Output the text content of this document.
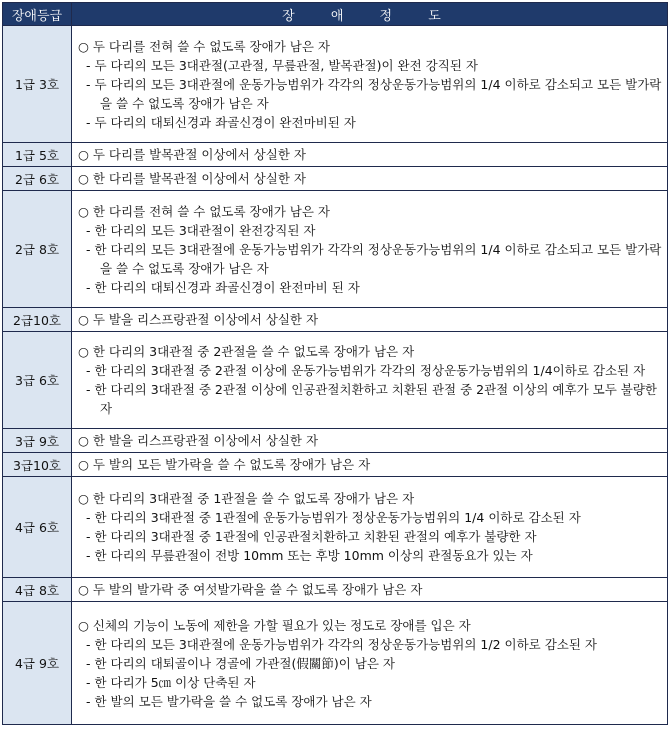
장애등급	장 애 정 도
1급 3호	○ 두 다리를 전혀 쓸 수 없도록 장애가 남은 자
- 두 다리의 모든 3대관절(고관절, 무릎관절, 발목관절)이 완전 강직된 자
- 두 다리의 모든 3대관절에 운동가능범위가 각각의 정상운동가능범위의 1/4 이하로 감소되고 모든 발가락을 쓸 수 없도록 장애가 남은 자
- 두 다리의 대퇴신경과 좌골신경이 완전마비된 자

1급 5호	○ 두 다리를 발목관절 이상에서 상실한 자

2급 6호	○ 한 다리를 발목관절 이상에서 상실한 자

2급 8호	○ 한 다리를 전혀 쓸 수 없도록 장애가 남은 자
- 한 다리의 모든 3대관절이 완전강직된 자
- 한 다리의 모든 3대관절에 운동가능범위가 각각의 정상운동가능범위의 1/4 이하로 감소되고 모든 발가락을 쓸 수 없도록 장애가 남은 자
- 한 다리의 대퇴신경과 좌골신경이 완전마비 된 자

2급10호	○ 두 발을 리스프랑관절 이상에서 상실한 자

3급 6호	○ 한 다리의 3대관절 중 2관절을 쓸 수 없도록 장애가 남은 자
- 한 다리의 3대관절 중 2관절 이상에 운동가능범위가 각각의 정상운동가능범위의 1/4이하로 감소된 자
- 한 다리의 3대관절 중 2관절 이상에 인공관절치환하고 치환된 관절 중 2관절 이상의 예후가 모두 불량한 자

3급 9호	○ 한 발을 리스프랑관절 이상에서 상실한 자

3급10호	○ 두 발의 모든 발가락을 쓸 수 없도록 장애가 남은 자

4급 6호	○ 한 다리의 3대관절 중 1관절을 쓸 수 없도록 장애가 남은 자
- 한 다리의 3대관절 중 1관절에 운동가능범위가 정상운동가능범위의 1/4 이하로 감소된 자
- 한 다리의 3대관절 중 1관절에 인공관절치환하고 치환된 관절의 예후가 불량한 자
- 한 다리의 무릎관절이 전방 10mm 또는 후방 10mm 이상의 관절동요가 있는 자

4급 8호	○ 두 발의 발가락 중 여섯발가락을 쓸 수 없도록 장애가 남은 자

4급 9호	○ 신체의 기능이 노동에 제한을 가할 필요가 있는 정도로 장애를 입은 자
- 한 다리의 모든 3대관절에 운동가능범위가 각각의 정상운동가능범위의 1/2 이하로 감소된 자
- 한 다리의 대퇴골이나 경골에 가관절(假關節)이 남은 자
- 한 다리가 5㎝ 이상 단축된 자
- 한 발의 모든 발가락을 쓸 수 없도록 장애가 남은 자
